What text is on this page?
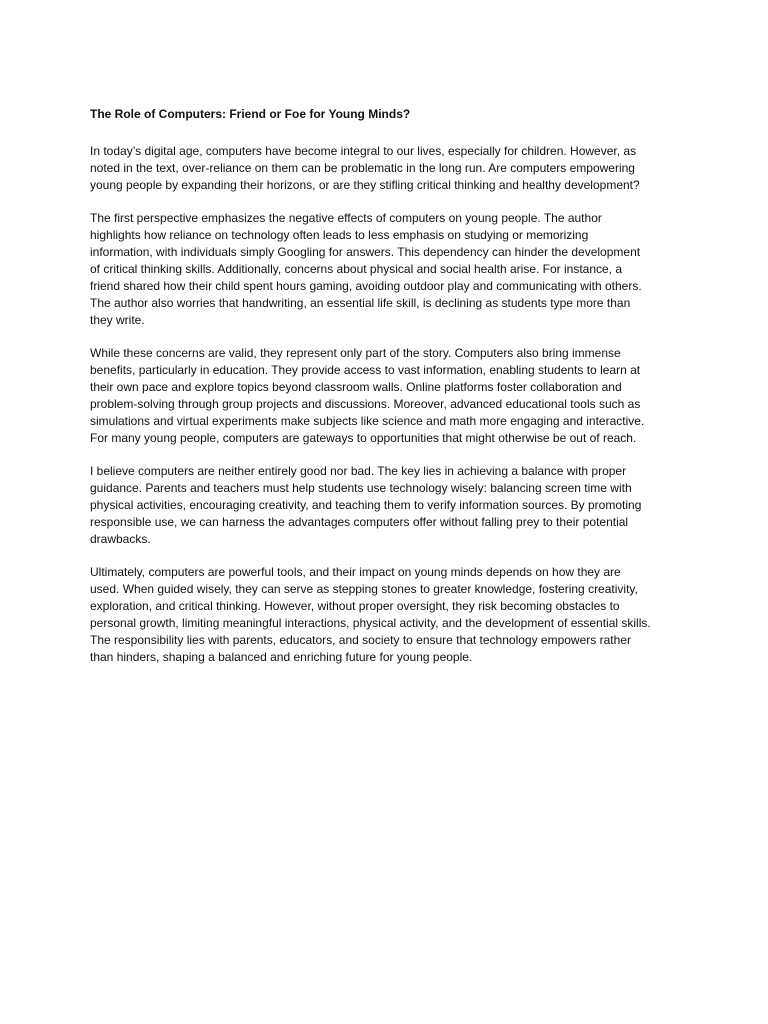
The Role of Computers: Friend or Foe for Young Minds?
In today’s digital age, computers have become integral to our lives, especially for children. However, as
noted in the text, over-reliance on them can be problematic in the long run. Are computers empowering
young people by expanding their horizons, or are they stifling critical thinking and healthy development?
The first perspective emphasizes the negative effects of computers on young people. The author
highlights how reliance on technology often leads to less emphasis on studying or memorizing
information, with individuals simply Googling for answers. This dependency can hinder the development
of critical thinking skills. Additionally, concerns about physical and social health arise. For instance, a
friend shared how their child spent hours gaming, avoiding outdoor play and communicating with others.
The author also worries that handwriting, an essential life skill, is declining as students type more than
they write.
While these concerns are valid, they represent only part of the story. Computers also bring immense
benefits, particularly in education. They provide access to vast information, enabling students to learn at
their own pace and explore topics beyond classroom walls. Online platforms foster collaboration and
problem-solving through group projects and discussions. Moreover, advanced educational tools such as
simulations and virtual experiments make subjects like science and math more engaging and interactive.
For many young people, computers are gateways to opportunities that might otherwise be out of reach.
I believe computers are neither entirely good nor bad. The key lies in achieving a balance with proper
guidance. Parents and teachers must help students use technology wisely: balancing screen time with
physical activities, encouraging creativity, and teaching them to verify information sources. By promoting
responsible use, we can harness the advantages computers offer without falling prey to their potential
drawbacks.
Ultimately, computers are powerful tools, and their impact on young minds depends on how they are
used. When guided wisely, they can serve as stepping stones to greater knowledge, fostering creativity,
exploration, and critical thinking. However, without proper oversight, they risk becoming obstacles to
personal growth, limiting meaningful interactions, physical activity, and the development of essential skills.
The responsibility lies with parents, educators, and society to ensure that technology empowers rather
than hinders, shaping a balanced and enriching future for young people.
